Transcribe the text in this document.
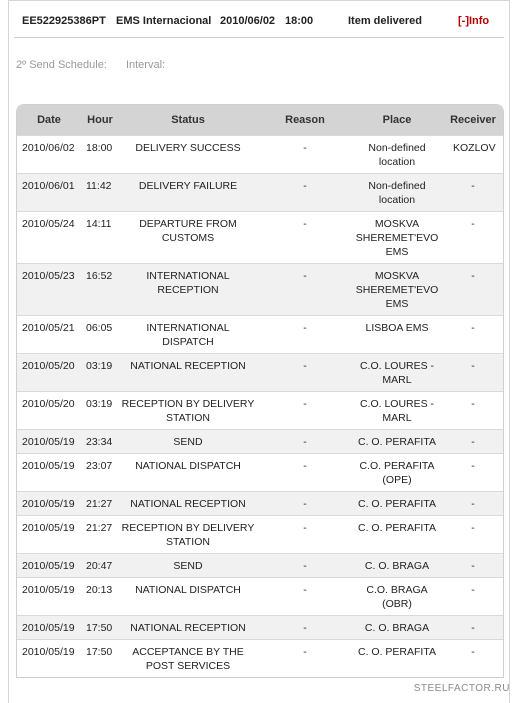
EE522925386PT EMS Internacional 2010/06/02 18:00	Item delivered	[-]Info
2º Send Schedule: Interval:
Date	Hour	Status	Reason	Place	Receiver
2010/06/02	18:00	DELIVERY SUCCESS	-	Non-defined location	KOZLOV
2010/06/01	11:42	DELIVERY FAILURE	-	Non-defined location	-
2010/05/24	14:11	DEPARTURE FROM CUSTOMS	-	MOSKVA SHEREMET'EVO EMS	-
2010/05/23	16:52	INTERNATIONAL RECEPTION	-	MOSKVA SHEREMET'EVO EMS	-
2010/05/21	06:05	INTERNATIONAL DISPATCH	-	LISBOA EMS	-
2010/05/20	03:19	NATIONAL RECEPTION	-	C.O. LOURES - MARL	-
2010/05/20	03:19	RECEPTION BY DELIVERY STATION	-	C.O. LOURES - MARL	-
2010/05/19	23:34	SEND	-	C. O. PERAFITA	-
2010/05/19	23:07	NATIONAL DISPATCH	-	C.O. PERAFITA (OPE)	-
2010/05/19	21:27	NATIONAL RECEPTION	-	C. O. PERAFITA	-
2010/05/19	21:27	RECEPTION BY DELIVERY STATION	-	C. O. PERAFITA	-
2010/05/19	20:47	SEND	-	C. O. BRAGA	-
2010/05/19	20:13	NATIONAL DISPATCH	-	C.O. BRAGA (OBR)	-
2010/05/19	17:50	NATIONAL RECEPTION	-	C. O. BRAGA	-
2010/05/19	17:50	ACCEPTANCE BY THE POST SERVICES	-	C. O. PERAFITA	-
STEELFACTOR.RU
